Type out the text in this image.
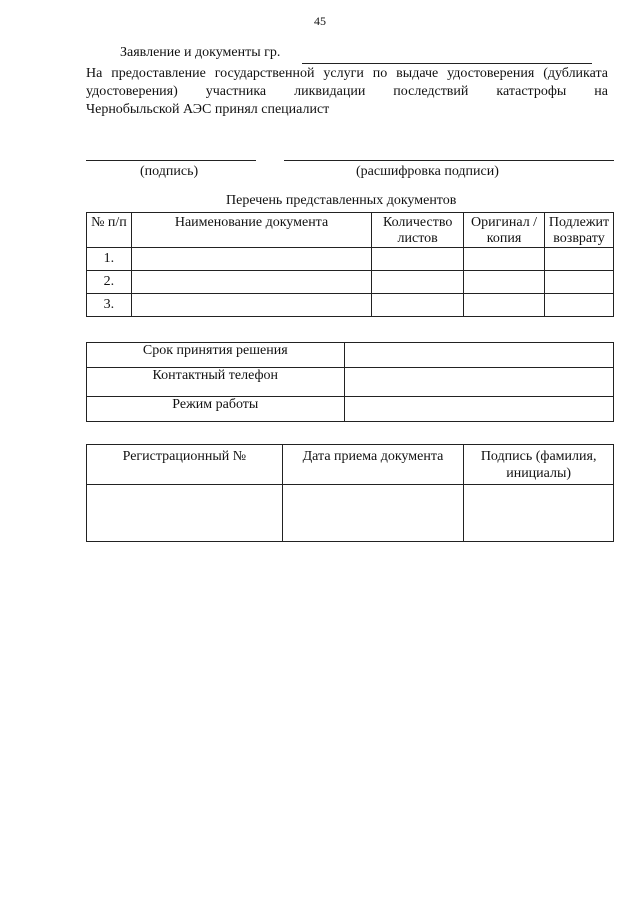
45
Заявление и документы гр.
На предоставление государственной услуги по выдаче удостоверения (дубликата
удостоверения) участника ликвидации последствий катастрофы на
Чернобыльской АЭС принял специалист
(подпись)	(расшифровка подписи)
Перечень представленных документов
№ п/п	Наименование документа	Количество листов	Оригинал /копия	Подлежит возврату
1.				
2.				
3.				
Срок принятия решения	
Контактный телефон	
Режим работы	
Регистрационный №	Дата приема документа	Подпись (фамилия, инициалы)
